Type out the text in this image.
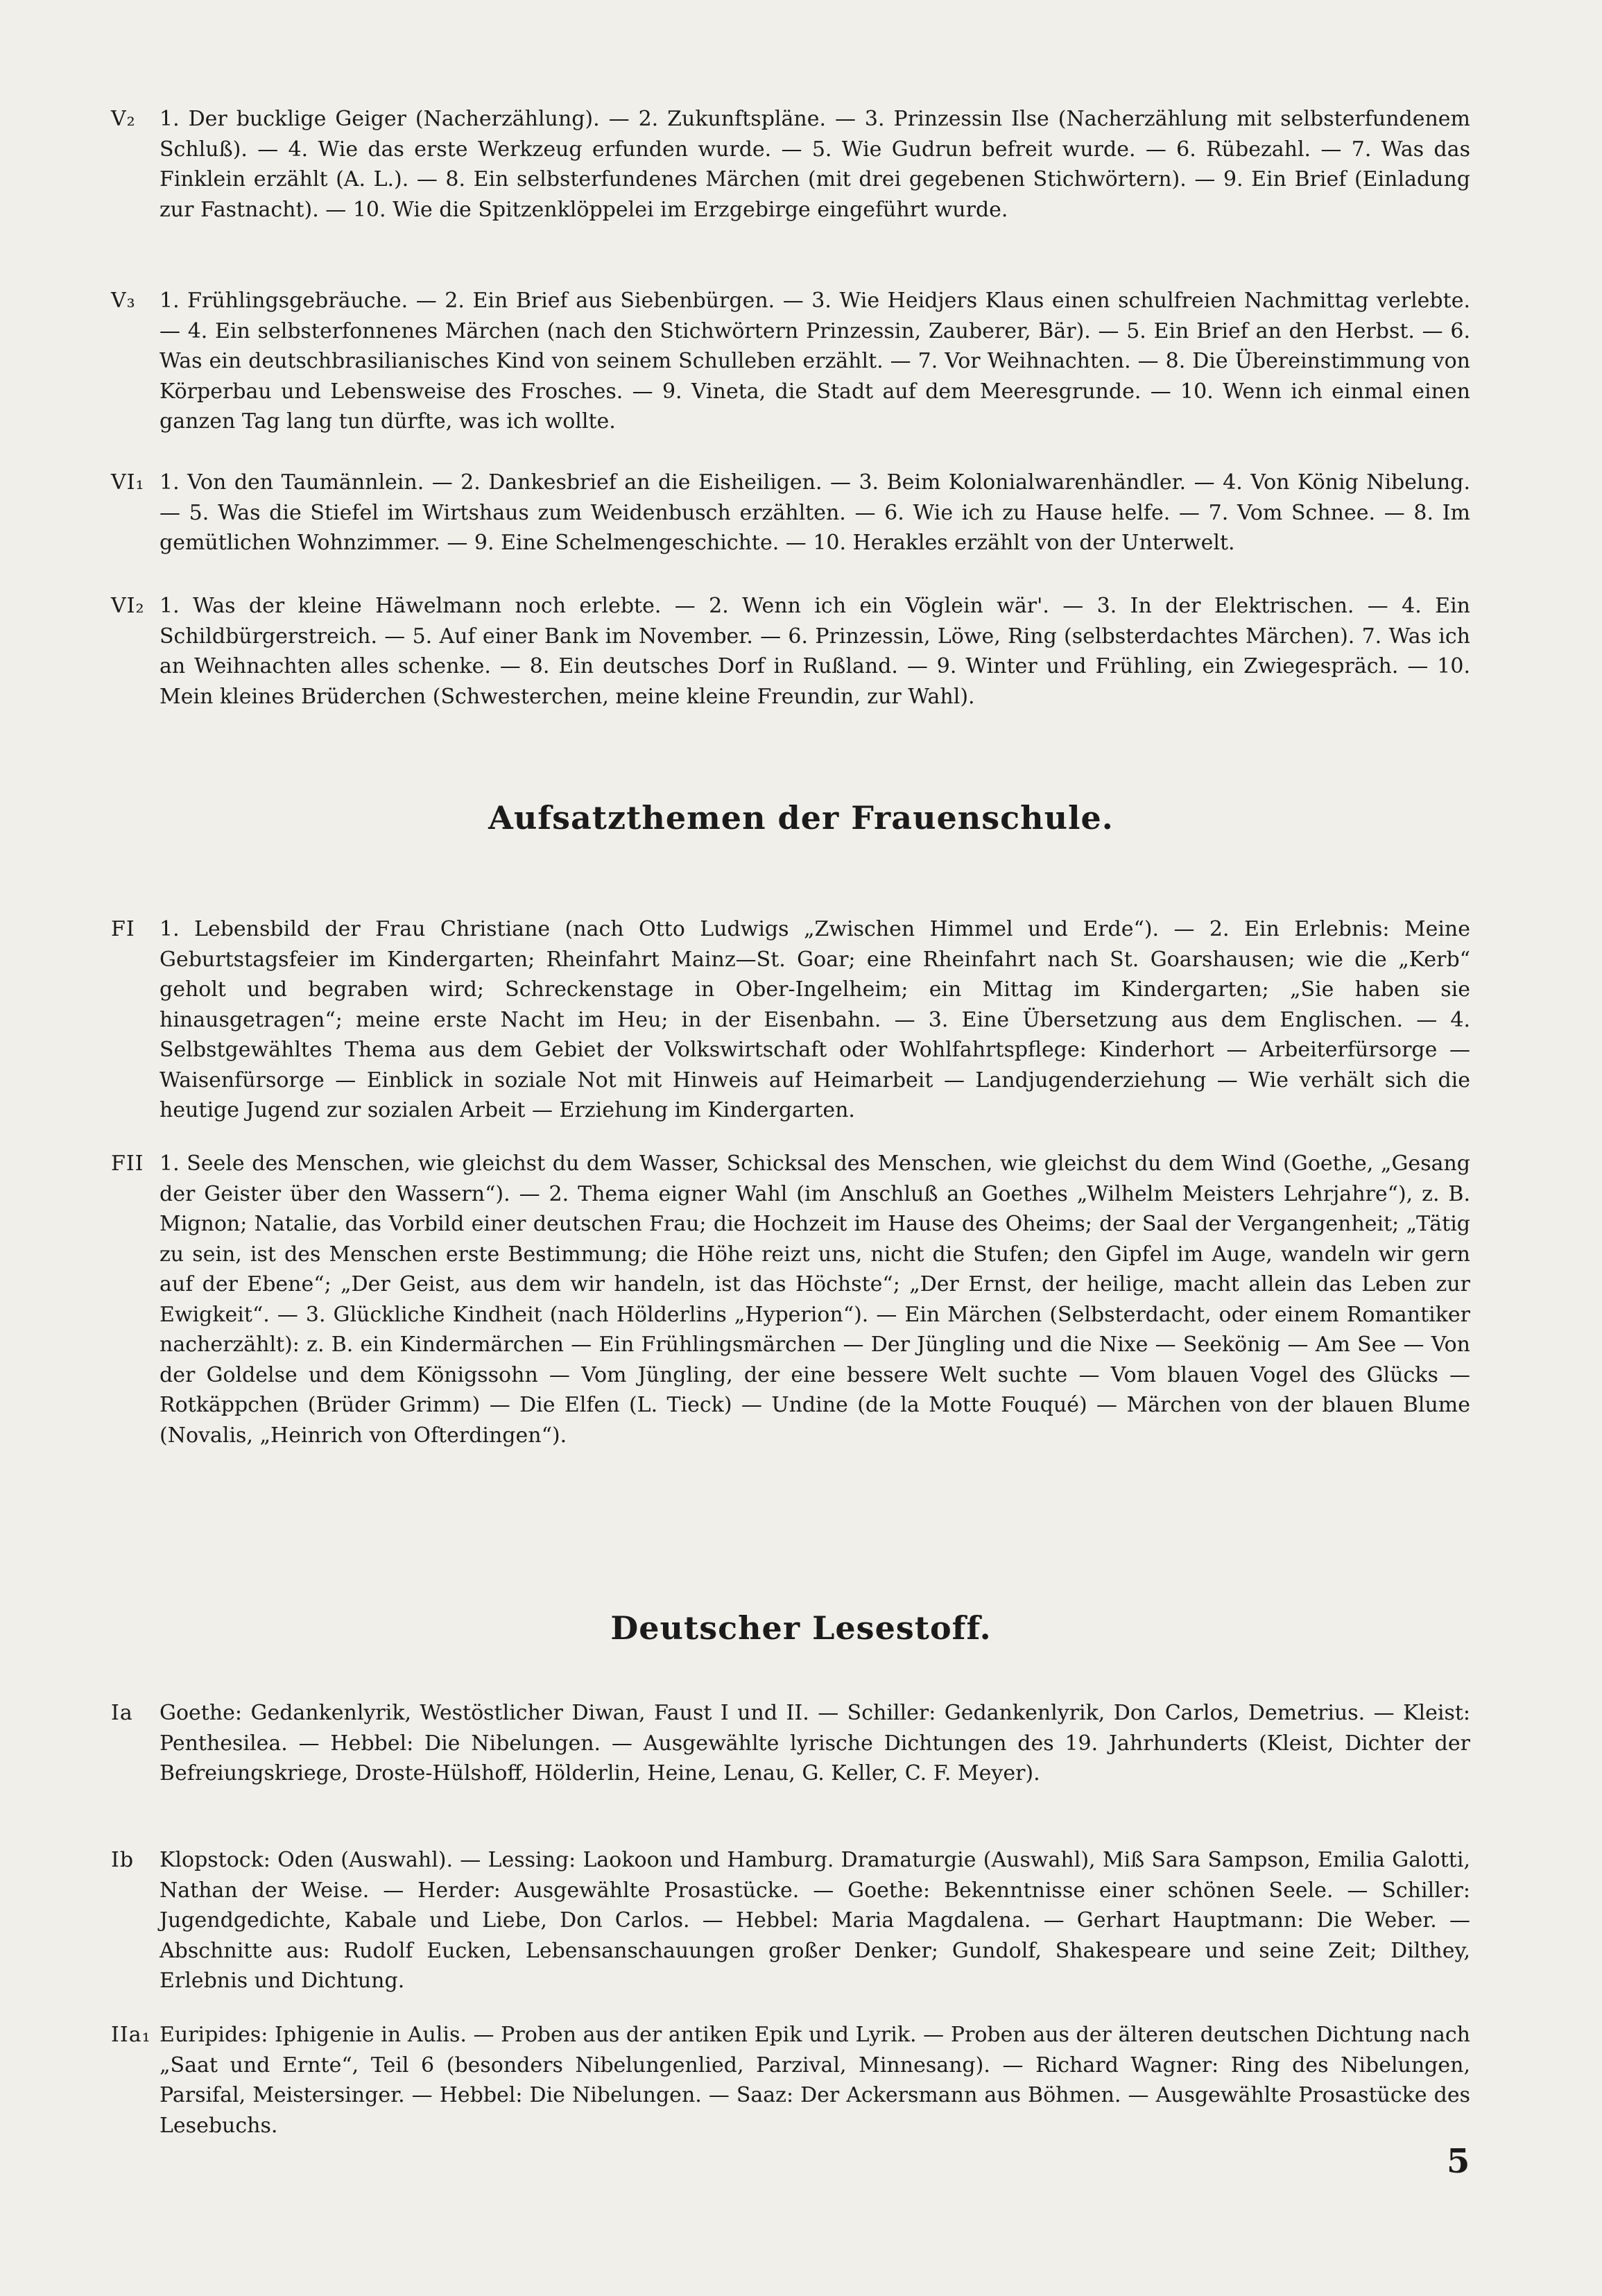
V₂	1. Der bucklige Geiger (Nacherzählung). — 2. Zukunftspläne. — 3. Prinzessin Ilse (Nacherzählung mit selbsterfundenem Schluß). — 4. Wie das erste Werkzeug erfunden wurde. — 5. Wie Gudrun befreit wurde. — 6. Rübezahl. — 7. Was das Finklein erzählt (A. L.). — 8. Ein selbsterfundenes Märchen (mit drei gegebenen Stichwörtern). — 9. Ein Brief (Einladung zur Fastnacht). — 10. Wie die Spitzenklöppelei im Erzgebirge eingeführt wurde.
V₃	1. Frühlingsgebräuche. — 2. Ein Brief aus Siebenbürgen. — 3. Wie Heidjers Klaus einen schulfreien Nachmittag verlebte. — 4. Ein selbsterfonnenes Märchen (nach den Stichwörtern Prinzessin, Zauberer, Bär). — 5. Ein Brief an den Herbst. — 6. Was ein deutschbrasilianisches Kind von seinem Schulleben erzählt. — 7. Vor Weihnachten. — 8. Die Übereinstimmung von Körperbau und Lebensweise des Frosches. — 9. Vineta, die Stadt auf dem Meeresgrunde. — 10. Wenn ich einmal einen ganzen Tag lang tun dürfte, was ich wollte.
VI₁ 1. Von den Taumännlein. — 2. Dankesbrief an die Eisheiligen. — 3. Beim Kolonialwarenhändler. — 4. Von König Nibelung. — 5. Was die Stiefel im Wirtshaus zum Weidenbusch erzählten. — 6. Wie ich zu Hause helfe. — 7. Vom Schnee. — 8. Im gemütlichen Wohnzimmer. — 9. Eine Schelmengeschichte. — 10. Herakles erzählt von der Unterwelt.
VI₂ 1. Was der kleine Häwelmann noch erlebte. — 2. Wenn ich ein Vöglein wär'. — 3. In der Elektrischen. — 4. Ein Schildbürgerstreich. — 5. Auf einer Bank im November. — 6. Prinzessin, Löwe, Ring (selbsterdachtes Märchen). 7. Was ich an Weihnachten alles schenke. — 8. Ein deutsches Dorf in Rußland. — 9. Winter und Frühling, ein Zwiegespräch. — 10. Mein kleines Brüderchen (Schwesterchen, meine kleine Freundin, zur Wahl).
Aufsatzthemen der Frauenschule.
FI	1. Lebensbild der Frau Christiane (nach Otto Ludwigs „Zwischen Himmel und Erde“). — 2. Ein Erlebnis: Meine Geburtstagsfeier im Kindergarten; Rheinfahrt Mainz—St. Goar; eine Rheinfahrt nach St. Goarshausen; wie die „Kerb“ geholt und begraben wird; Schreckenstage in Ober-Ingelheim; ein Mittag im Kindergarten; „Sie haben sie hinausgetragen“; meine erste Nacht im Heu; in der Eisenbahn. — 3. Eine Übersetzung aus dem Englischen. — 4. Selbstgewähltes Thema aus dem Gebiet der Volkswirtschaft oder Wohlfahrtspflege: Kinderhort — Arbeiterfürsorge — Waisenfürsorge — Einblick in soziale Not mit Hinweis auf Heimarbeit — Landjugenderziehung — Wie verhält sich die heutige Jugend zur sozialen Arbeit — Erziehung im Kindergarten.
FII 1. Seele des Menschen, wie gleichst du dem Wasser, Schicksal des Menschen, wie gleichst du dem Wind (Goethe, „Gesang der Geister über den Wassern“). — 2. Thema eigner Wahl (im Anschluß an Goethes „Wilhelm Meisters Lehrjahre“), z. B. Mignon; Natalie, das Vorbild einer deutschen Frau; die Hochzeit im Hause des Oheims; der Saal der Vergangenheit; „Tätig zu sein, ist des Menschen erste Bestimmung; die Höhe reizt uns, nicht die Stufen; den Gipfel im Auge, wandeln wir gern auf der Ebene“; „Der Geist, aus dem wir handeln, ist das Höchste“; „Der Ernst, der heilige, macht allein das Leben zur Ewigkeit“. — 3. Glückliche Kindheit (nach Hölderlins „Hyperion“). — Ein Märchen (Selbsterdacht, oder einem Romantiker nacherzählt): z. B. ein Kindermärchen — Ein Frühlingsmärchen — Der Jüngling und die Nixe — Seekönig — Am See — Von der Goldelse und dem Königssohn — Vom Jüngling, der eine bessere Welt suchte — Vom blauen Vogel des Glücks — Rotkäppchen (Brüder Grimm) — Die Elfen (L. Tieck) — Undine (de la Motte Fouqué) — Märchen von der blauen Blume (Novalis, „Heinrich von Ofterdingen“).
Deutscher Lesestoff.
Ia	Goethe: Gedankenlyrik, Westöstlicher Diwan, Faust I und II. — Schiller: Gedankenlyrik, Don Carlos, Demetrius. — Kleist: Penthesilea. — Hebbel: Die Nibelungen. — Ausgewählte lyrische Dichtungen des 19. Jahrhunderts (Kleist, Dichter der Befreiungskriege, Droste-Hülshoff, Hölderlin, Heine, Lenau, G. Keller, C. F. Meyer).
Ib	Klopstock: Oden (Auswahl). — Lessing: Laokoon und Hamburg. Dramaturgie (Auswahl), Miß Sara Sampson, Emilia Galotti, Nathan der Weise. — Herder: Ausgewählte Prosastücke. — Goethe: Bekenntnisse einer schönen Seele. — Schiller: Jugendgedichte, Kabale und Liebe, Don Carlos. — Hebbel: Maria Magdalena. — Gerhart Hauptmann: Die Weber. — Abschnitte aus: Rudolf Eucken, Lebensanschauungen großer Denker; Gundolf, Shakespeare und seine Zeit; Dilthey, Erlebnis und Dichtung.
IIa₁ Euripides: Iphigenie in Aulis. — Proben aus der antiken Epik und Lyrik. — Proben aus der älteren deutschen Dichtung nach „Saat und Ernte“, Teil 6 (besonders Nibelungenlied, Parzival, Minnesang). — Richard Wagner: Ring des Nibelungen, Parsifal, Meistersinger. — Hebbel: Die Nibelungen. — Saaz: Der Ackersmann aus Böhmen. — Ausgewählte Prosastücke des Lesebuchs.
5
